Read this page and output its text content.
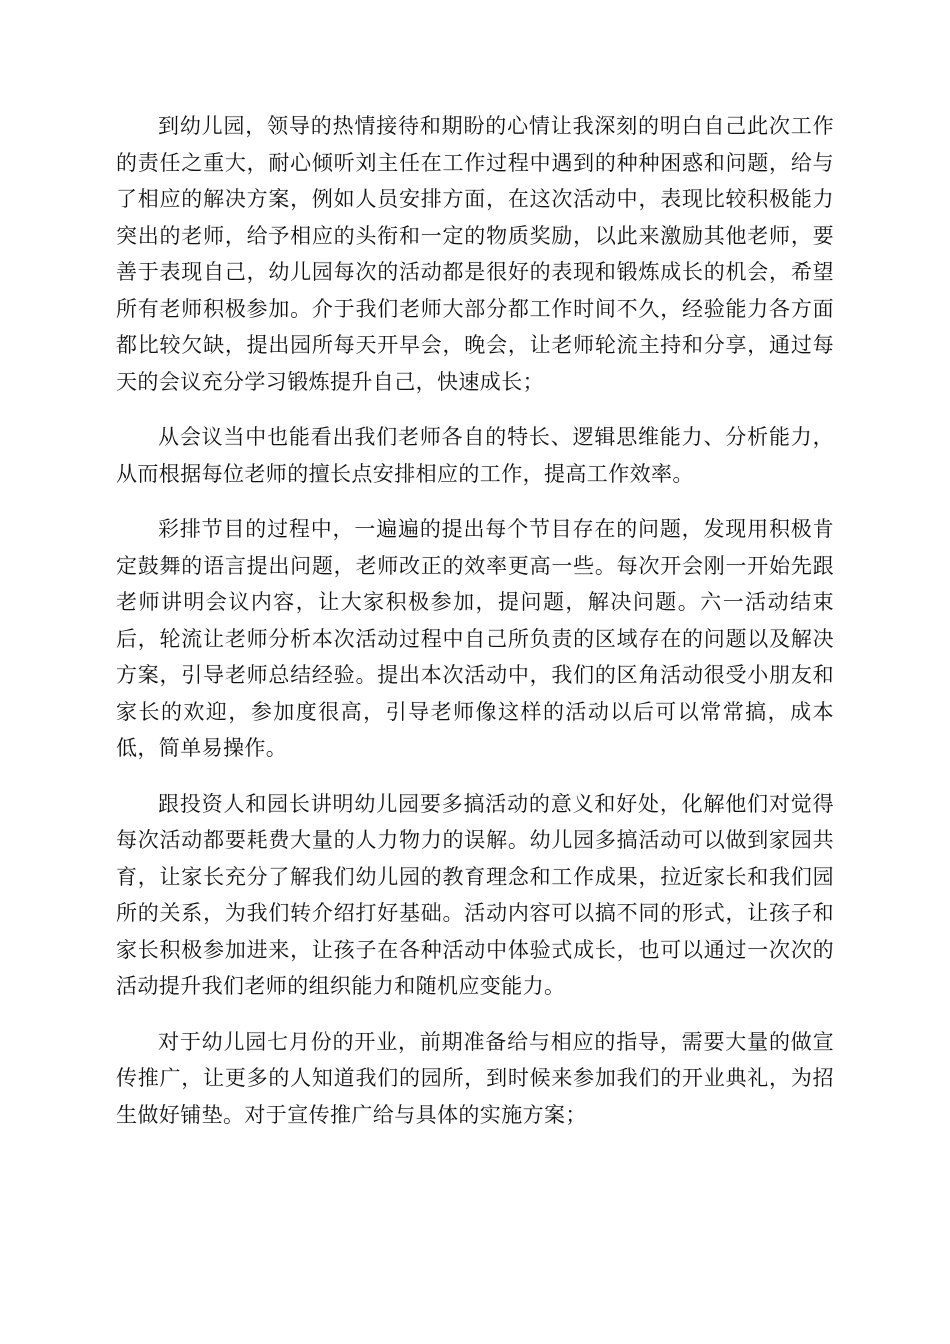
到幼儿园，领导的热情接待和期盼的心情让我深刻的明白自己此次工作的责任之重大，耐心倾听刘主任在工作过程中遇到的种种困惑和问题，给与了相应的解决方案，例如人员安排方面，在这次活动中，表现比较积极能力突出的老师，给予相应的头衔和一定的物质奖励，以此来激励其他老师，要善于表现自己，幼儿园每次的活动都是很好的表现和锻炼成长的机会，希望所有老师积极参加。介于我们老师大部分都工作时间不久，经验能力各方面都比较欠缺，提出园所每天开早会，晚会，让老师轮流主持和分享，通过每天的会议充分学习锻炼提升自己，快速成长；

从会议当中也能看出我们老师各自的特长、逻辑思维能力、分析能力，从而根据每位老师的擅长点安排相应的工作，提高工作效率。

彩排节目的过程中，一遍遍的提出每个节目存在的问题，发现用积极肯定鼓舞的语言提出问题，老师改正的效率更高一些。每次开会刚一开始先跟老师讲明会议内容，让大家积极参加，提问题，解决问题。六一活动结束后，轮流让老师分析本次活动过程中自己所负责的区域存在的问题以及解决方案，引导老师总结经验。提出本次活动中，我们的区角活动很受小朋友和家长的欢迎，参加度很高，引导老师像这样的活动以后可以常常搞，成本低，简单易操作。

跟投资人和园长讲明幼儿园要多搞活动的意义和好处，化解他们对觉得每次活动都要耗费大量的人力物力的误解。幼儿园多搞活动可以做到家园共育，让家长充分了解我们幼儿园的教育理念和工作成果，拉近家长和我们园所的关系，为我们转介绍打好基础。活动内容可以搞不同的形式，让孩子和家长积极参加进来，让孩子在各种活动中体验式成长，也可以通过一次次的活动提升我们老师的组织能力和随机应变能力。

对于幼儿园七月份的开业，前期准备给与相应的指导，需要大量的做宣传推广，让更多的人知道我们的园所，到时候来参加我们的开业典礼，为招生做好铺垫。对于宣传推广给与具体的实施方案；
